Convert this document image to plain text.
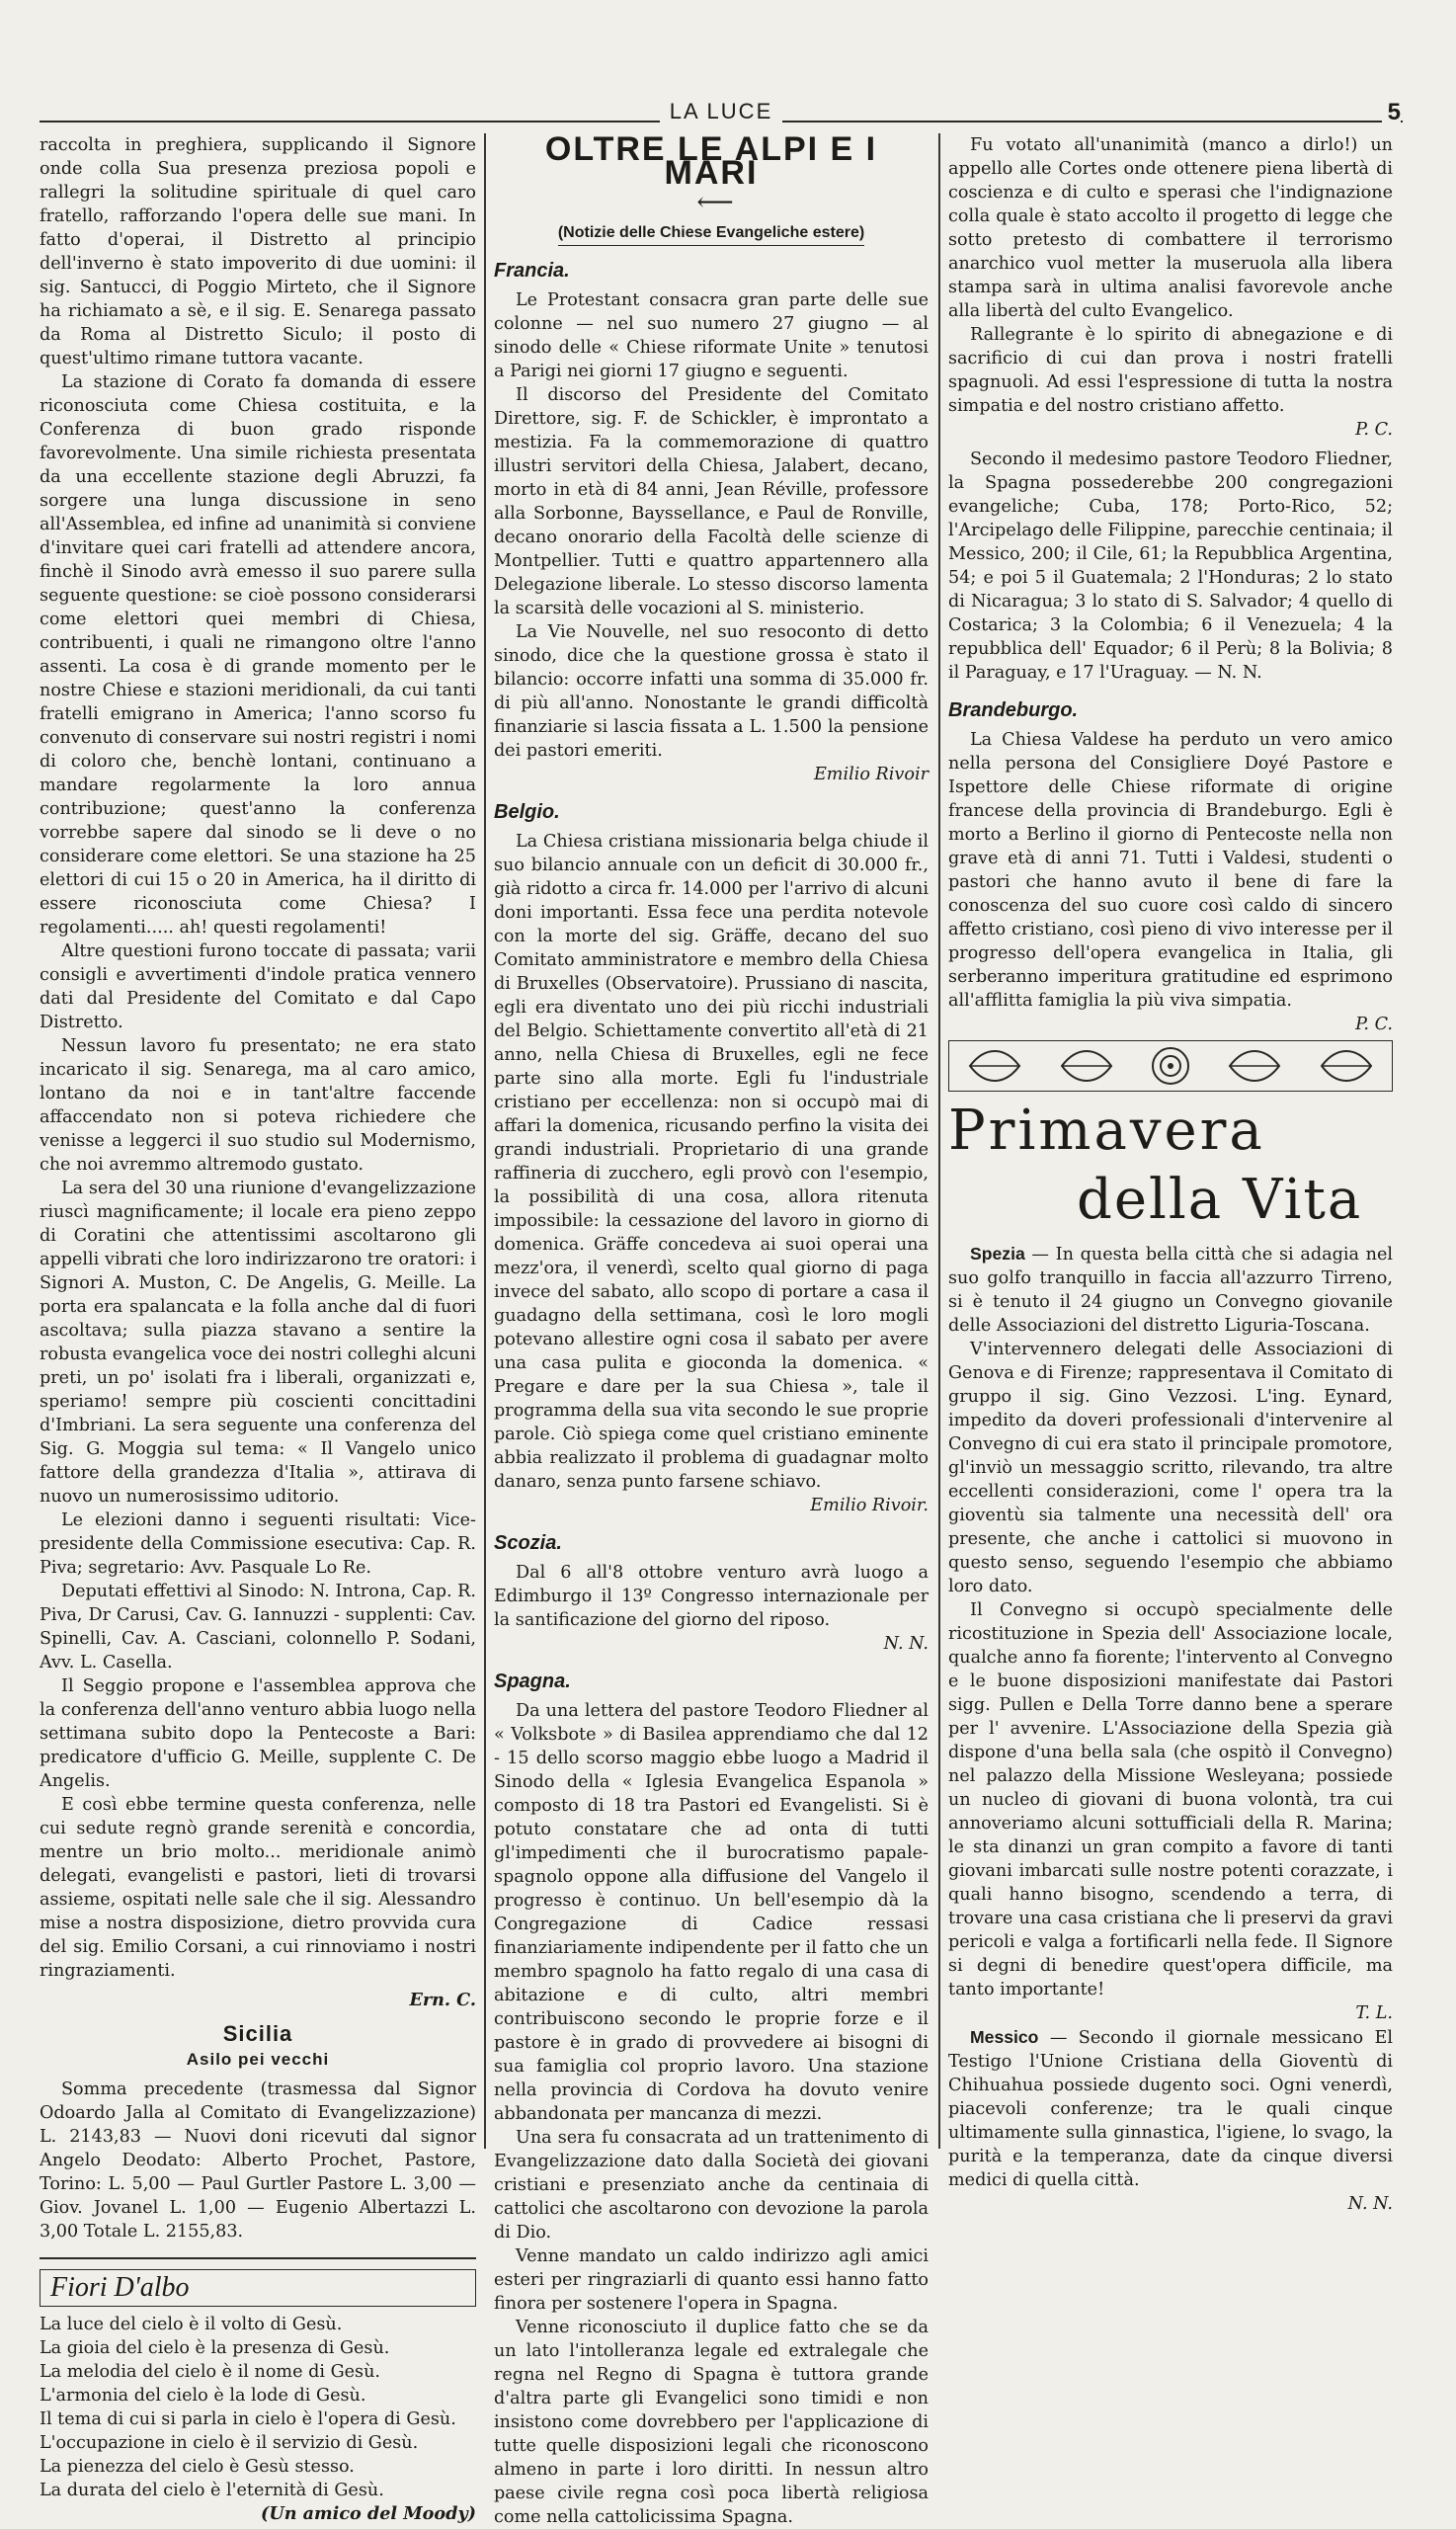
LA LUCE	5

raccolta in preghiera, supplicando il Signore onde colla Sua presenza preziosa popoli e rallegri la solitudine spirituale di quel caro fratello, rafforzando l'opera delle sue mani. In fatto d'operai, il Distretto al principio dell'inverno è stato impoverito di due uomini: il sig. Santucci, di Poggio Mirteto, che il Signore ha richiamato a sè, e il sig. E. Senarega passato da Roma al Distretto Siculo; il posto di quest'ultimo rimane tuttora vacante.

La stazione di Corato fa domanda di essere riconosciuta come Chiesa costituita, e la Conferenza di buon grado risponde favorevolmente. Una simile richiesta presentata da una eccellente stazione degli Abruzzi, fa sorgere una lunga discussione in seno all'Assemblea, ed infine ad unanimità si conviene d'invitare quei cari fratelli ad attendere ancora, finchè il Sinodo avrà emesso il suo parere sulla seguente questione: se cioè possono considerarsi come elettori quei membri di Chiesa, contribuenti, i quali ne rimangono oltre l'anno assenti. La cosa è di grande momento per le nostre Chiese e stazioni meridionali, da cui tanti fratelli emigrano in America; l'anno scorso fu convenuto di conservare sui nostri registri i nomi di coloro che, benchè lontani, continuano a mandare regolarmente la loro annua contribuzione; quest'anno la conferenza vorrebbe sapere dal sinodo se li deve o no considerare come elettori. Se una stazione ha 25 elettori di cui 15 o 20 in America, ha il diritto di essere riconosciuta come Chiesa? I regolamenti..... ah! questi regolamenti!

Altre questioni furono toccate di passata; varii consigli e avvertimenti d'indole pratica vennero dati dal Presidente del Comitato e dal Capo Distretto.

Nessun lavoro fu presentato; ne era stato incaricato il sig. Senarega, ma al caro amico, lontano da noi e in tant'altre faccende affaccendato non si poteva richiedere che venisse a leggerci il suo studio sul Modernismo, che noi avremmo altremodo gustato.

La sera del 30 una riunione d'evangelizzazione riuscì magnificamente; il locale era pieno zeppo di Coratini che attentissimi ascoltarono gli appelli vibrati che loro indirizzarono tre oratori: i Signori A. Muston, C. De Angelis, G. Meille. La porta era spalancata e la folla anche dal di fuori ascoltava; sulla piazza stavano a sentire la robusta evangelica voce dei nostri colleghi alcuni preti, un po' isolati fra i liberali, organizzati e, speriamo! sempre più coscienti concittadini d'Imbriani. La sera seguente una conferenza del Sig. G. Moggia sul tema: « Il Vangelo unico fattore della grandezza d'Italia », attirava di nuovo un numerosissimo uditorio.

Le elezioni danno i seguenti risultati: Vice-presidente della Commissione esecutiva: Cap. R. Piva; segretario: Avv. Pasquale Lo Re.

Deputati effettivi al Sinodo: N. Introna, Cap. R. Piva, Dr Carusi, Cav. G. Iannuzzi - supplenti: Cav. Spinelli, Cav. A. Casciani, colonnello P. Sodani, Avv. L. Casella.

Il Seggio propone e l'assemblea approva che la conferenza dell'anno venturo abbia luogo nella settimana subito dopo la Pentecoste a Bari: predicatore d'ufficio G. Meille, supplente C. De Angelis.

E così ebbe termine questa conferenza, nelle cui sedute regnò grande serenità e concordia, mentre un brio molto... meridionale animò delegati, evangelisti e pastori, lieti di trovarsi assieme, ospitati nelle sale che il sig. Alessandro mise a nostra disposizione, dietro provvida cura del sig. Emilio Corsani, a cui rinnoviamo i nostri ringraziamenti.

Ern. C.

Sicilia
Asilo pei vecchi

Somma precedente (trasmessa dal Signor Odoardo Jalla al Comitato di Evangelizzazione) L. 2143,83 — Nuovi doni ricevuti dal signor Angelo Deodato: Alberto Prochet, Pastore, Torino: L. 5,00 — Paul Gurtler Pastore L. 3,00 — Giov. Jovanel L. 1,00 — Eugenio Albertazzi L. 3,00 Totale L. 2155,83.

Fiori D'albo

La luce del cielo è il volto di Gesù.

La gioia del cielo è la presenza di Gesù.

La melodia del cielo è il nome di Gesù.

L'armonia del cielo è la lode di Gesù.

Il tema di cui si parla in cielo è l'opera di Gesù.

L'occupazione in cielo è il servizio di Gesù.

La pienezza del cielo è Gesù stesso.

La durata del cielo è l'eternità di Gesù.

(Un amico del Moody)

OLTRE LE ALPI E I MARI⟵
(Notizie delle Chiese Evangeliche estere)
Francia.

Le Protestant consacra gran parte delle sue colonne — nel suo numero 27 giugno — al sinodo delle « Chiese riformate Unite » tenutosi a Parigi nei giorni 17 giugno e seguenti.

Il discorso del Presidente del Comitato Direttore, sig. F. de Schickler, è improntato a mestizia. Fa la commemorazione di quattro illustri servitori della Chiesa, Jalabert, decano, morto in età di 84 anni, Jean Réville, professore alla Sorbonne, Bayssellance, e Paul de Ronville, decano onorario della Facoltà delle scienze di Montpellier. Tutti e quattro appartennero alla Delegazione liberale. Lo stesso discorso lamenta la scarsità delle vocazioni al S. ministerio.

La Vie Nouvelle, nel suo resoconto di detto sinodo, dice che la questione grossa è stato il bilancio: occorre infatti una somma di 35.000 fr. di più all'anno. Nonostante le grandi difficoltà finanziarie si lascia fissata a L. 1.500 la pensione dei pastori emeriti.

Emilio Rivoir

Belgio.

La Chiesa cristiana missionaria belga chiude il suo bilancio annuale con un deficit di 30.000 fr., già ridotto a circa fr. 14.000 per l'arrivo di alcuni doni importanti. Essa fece una perdita notevole con la morte del sig. Gräffe, decano del suo Comitato amministratore e membro della Chiesa di Bruxelles (Observatoire). Prussiano di nascita, egli era diventato uno dei più ricchi industriali del Belgio. Schiettamente convertito all'età di 21 anno, nella Chiesa di Bruxelles, egli ne fece parte sino alla morte. Egli fu l'industriale cristiano per eccellenza: non si occupò mai di affari la domenica, ricusando perfino la visita dei grandi industriali. Proprietario di una grande raffineria di zucchero, egli provò con l'esempio, la possibilità di una cosa, allora ritenuta impossibile: la cessazione del lavoro in giorno di domenica. Gräffe concedeva ai suoi operai una mezz'ora, il venerdì, scelto qual giorno di paga invece del sabato, allo scopo di portare a casa il guadagno della settimana, così le loro mogli potevano allestire ogni cosa il sabato per avere una casa pulita e gioconda la domenica. « Pregare e dare per la sua Chiesa », tale il programma della sua vita secondo le sue proprie parole. Ciò spiega come quel cristiano eminente abbia realizzato il problema di guadagnar molto danaro, senza punto farsene schiavo.

Emilio Rivoir.

Scozia.

Dal 6 all'8 ottobre venturo avrà luogo a Edimburgo il 13º Congresso internazionale per la santificazione del giorno del riposo.

N. N.

Spagna.

Da una lettera del pastore Teodoro Fliedner al « Volksbote » di Basilea apprendiamo che dal 12 - 15 dello scorso maggio ebbe luogo a Madrid il Sinodo della « Iglesia Evangelica Espanola » composto di 18 tra Pastori ed Evangelisti. Si è potuto constatare che ad onta di tutti gl'impedimenti che il burocratismo papale-spagnolo oppone alla diffusione del Vangelo il progresso è continuo. Un bell'esempio dà la Congregazione di Cadice ressasi finanziariamente indipendente per il fatto che un membro spagnolo ha fatto regalo di una casa di abitazione e di culto, altri membri contribuiscono secondo le proprie forze e il pastore è in grado di provvedere ai bisogni di sua famiglia col proprio lavoro. Una stazione nella provincia di Cordova ha dovuto venire abbandonata per mancanza di mezzi.

Una sera fu consacrata ad un trattenimento di Evangelizzazione dato dalla Società dei giovani cristiani e presenziato anche da centinaia di cattolici che ascoltarono con devozione la parola di Dio.

Venne mandato un caldo indirizzo agli amici esteri per ringraziarli di quanto essi hanno fatto finora per sostenere l'opera in Spagna.

Venne riconosciuto il duplice fatto che se da un lato l'intolleranza legale ed extralegale che regna nel Regno di Spagna è tuttora grande d'altra parte gli Evangelici sono timidi e non insistono come dovrebbero per l'applicazione di tutte quelle disposizioni legali che riconoscono almeno in parte i loro diritti. In nessun altro paese civile regna così poca libertà religiosa come nella cattolicissima Spagna.

Fu votato all'unanimità (manco a dirlo!) un appello alle Cortes onde ottenere piena libertà di coscienza e di culto e sperasi che l'indignazione colla quale è stato accolto il progetto di legge che sotto pretesto di combattere il terrorismo anarchico vuol metter la museruola alla libera stampa sarà in ultima analisi favorevole anche alla libertà del culto Evangelico.

Rallegrante è lo spirito di abnegazione e di sacrificio di cui dan prova i nostri fratelli spagnuoli. Ad essi l'espressione di tutta la nostra simpatia e del nostro cristiano affetto.

P. C.

Secondo il medesimo pastore Teodoro Fliedner, la Spagna possederebbe 200 congregazioni evangeliche; Cuba, 178; Porto-Rico, 52; l'Arcipelago delle Filippine, parecchie centinaia; il Messico, 200; il Cile, 61; la Repubblica Argentina, 54; e poi 5 il Guatemala; 2 l'Honduras; 2 lo stato di Nicaragua; 3 lo stato di S. Salvador; 4 quello di Costarica; 3 la Colombia; 6 il Venezuela; 4 la repubblica dell' Equador; 6 il Perù; 8 la Bolivia; 8 il Paraguay, e 17 l'Uraguay. — N. N.

Brandeburgo.

La Chiesa Valdese ha perduto un vero amico nella persona del Consigliere Doyé Pastore e Ispettore delle Chiese riformate di origine francese della provincia di Brandeburgo. Egli è morto a Berlino il giorno di Pentecoste nella non grave età di anni 71. Tutti i Valdesi, studenti o pastori che hanno avuto il bene di fare la conoscenza del suo cuore così caldo di sincero affetto cristiano, così pieno di vivo interesse per il progresso dell'opera evangelica in Italia, gli serberanno imperitura gratitudine ed esprimono all'afflitta famiglia la più viva simpatia.

P. C.

Primavera
della Vita

Spezia — In questa bella città che si adagia nel suo golfo tranquillo in faccia all'azzurro Tirreno, si è tenuto il 24 giugno un Convegno giovanile delle Associazioni del distretto Liguria-Toscana.

V'intervennero delegati delle Associazioni di Genova e di Firenze; rappresentava il Comitato di gruppo il sig. Gino Vezzosi. L'ing. Eynard, impedito da doveri professionali d'intervenire al Convegno di cui era stato il principale promotore, gl'inviò un messaggio scritto, rilevando, tra altre eccellenti considerazioni, come l' opera tra la gioventù sia talmente una necessità dell' ora presente, che anche i cattolici si muovono in questo senso, seguendo l'esempio che abbiamo loro dato.

Il Convegno si occupò specialmente delle ricostituzione in Spezia dell' Associazione locale, qualche anno fa fiorente; l'intervento al Convegno e le buone disposizioni manifestate dai Pastori sigg. Pullen e Della Torre danno bene a sperare per l' avvenire. L'Associazione della Spezia già dispone d'una bella sala (che ospitò il Convegno) nel palazzo della Missione Wesleyana; possiede un nucleo di giovani di buona volontà, tra cui annoveriamo alcuni sottufficiali della R. Marina; le sta dinanzi un gran compito a favore di tanti giovani imbarcati sulle nostre potenti corazzate, i quali hanno bisogno, scendendo a terra, di trovare una casa cristiana che li preservi da gravi pericoli e valga a fortificarli nella fede. Il Signore si degni di benedire quest'opera difficile, ma tanto importante!

T. L.

Messico — Secondo il giornale messicano El Testigo l'Unione Cristiana della Gioventù di Chihuahua possiede dugento soci. Ogni venerdì, piacevoli conferenze; tra le quali cinque ultimamente sulla ginnastica, l'igiene, lo svago, la purità e la temperanza, date da cinque diversi medici di quella città.

N. N.
